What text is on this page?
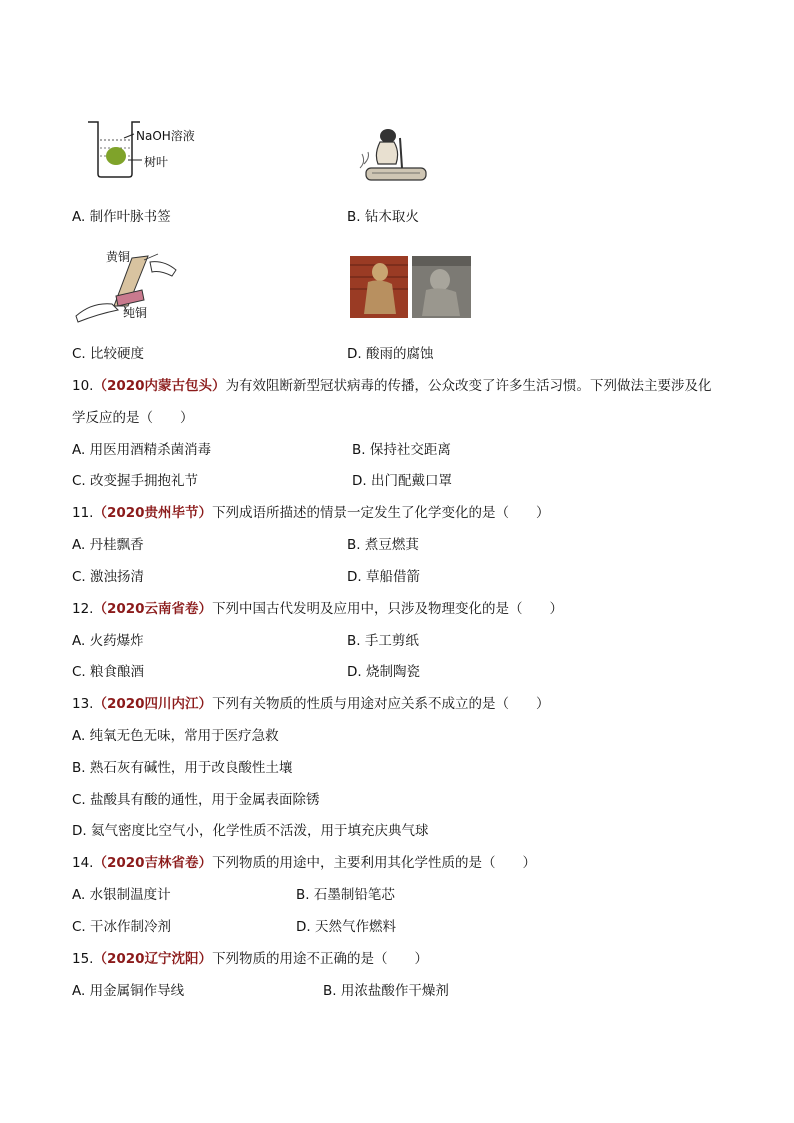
NaOH溶液
树叶
A. 制作叶脉书签	B. 钻木取火
黄铜
纯铜
C. 比较硬度	D. 酸雨的腐蚀
10.（2020内蒙古包头）为有效阻断新型冠状病毒的传播，公众改变了许多生活习惯。下列做法主要涉及化
学反应的是（　　）
A. 用医用酒精杀菌消毒	B. 保持社交距离
C. 改变握手拥抱礼节	D. 出门配戴口罩
11.（2020贵州毕节）下列成语所描述的情景一定发生了化学变化的是（　　）
A. 丹桂飘香	B. 煮豆燃萁
C. 激浊扬清	D. 草船借箭
12.（2020云南省卷）下列中国古代发明及应用中，只涉及物理变化的是（　　）
A. 火药爆炸	B. 手工剪纸
C. 粮食酿酒	D. 烧制陶瓷
13.（2020四川内江）下列有关物质的性质与用途对应关系不成立的是（　　）
A. 纯氧无色无味，常用于医疗急救
B. 熟石灰有碱性，用于改良酸性土壤
C. 盐酸具有酸的通性，用于金属表面除锈
D. 氦气密度比空气小，化学性质不活泼，用于填充庆典气球
14.（2020吉林省卷）下列物质的用途中，主要利用其化学性质的是（　　）
A. 水银制温度计	B. 石墨制铅笔芯
C. 干冰作制冷剂	D. 天然气作燃料
15.（2020辽宁沈阳）下列物质的用途不正确的是（　　）
A. 用金属铜作导线	B. 用浓盐酸作干燥剂
